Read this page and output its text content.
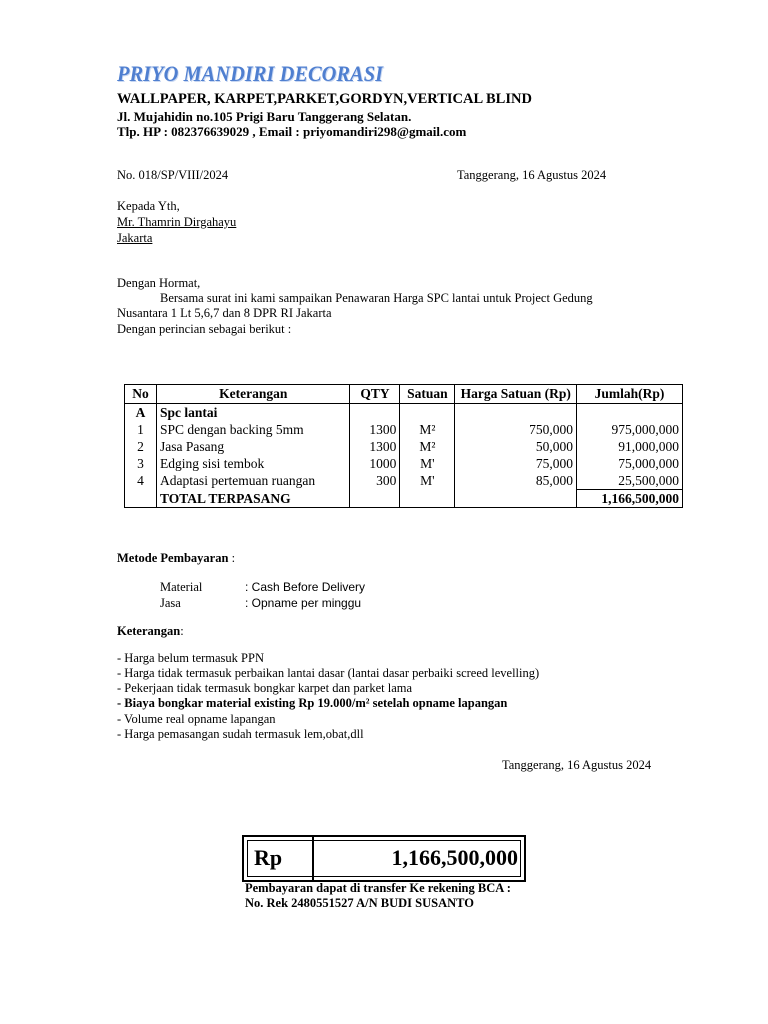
PRIYO MANDIRI DECORASI
WALLPAPER, KARPET,PARKET,GORDYN,VERTICAL BLIND
Jl. Mujahidin no.105 Prigi Baru Tanggerang Selatan.
Tlp. HP : 082376639029 , Email : priyomandiri298@gmail.com
No. 018/SP/VIII/2024	Tanggerang, 16 Agustus 2024
Kepada Yth,
Mr. Thamrin Dirgahayu
Jakarta
Dengan Hormat,
Bersama surat ini kami sampaikan Penawaran Harga SPC lantai untuk Project Gedung
Nusantara 1 Lt 5,6,7 dan 8 DPR RI Jakarta
Dengan perincian sebagai berikut :
No	Keterangan	QTY	Satuan	Harga Satuan (Rp)	Jumlah(Rp)
A	Spc lantai				
1	SPC dengan backing 5mm	1300	M²	750,000	975,000,000
2	Jasa Pasang	1300	M²	50,000	91,000,000
3	Edging sisi tembok	1000	M'	75,000	75,000,000
4	Adaptasi pertemuan ruangan	300	M'	85,000	25,500,000
	TOTAL TERPASANG				1,166,500,000
Metode Pembayaran :
Material	: Cash Before Delivery
Jasa	: Opname per minggu
Keterangan:
- Harga belum termasuk PPN
- Harga tidak termasuk perbaikan lantai dasar (lantai dasar perbaiki screed levelling)
- Pekerjaan tidak termasuk bongkar karpet dan parket lama
- Biaya bongkar material existing Rp 19.000/m² setelah opname lapangan
- Volume real opname lapangan
- Harga pemasangan sudah termasuk lem,obat,dll
Tanggerang, 16 Agustus 2024
Rp	1,166,500,000
Pembayaran dapat di transfer Ke rekening BCA :
No. Rek 2480551527 A/N BUDI SUSANTO
